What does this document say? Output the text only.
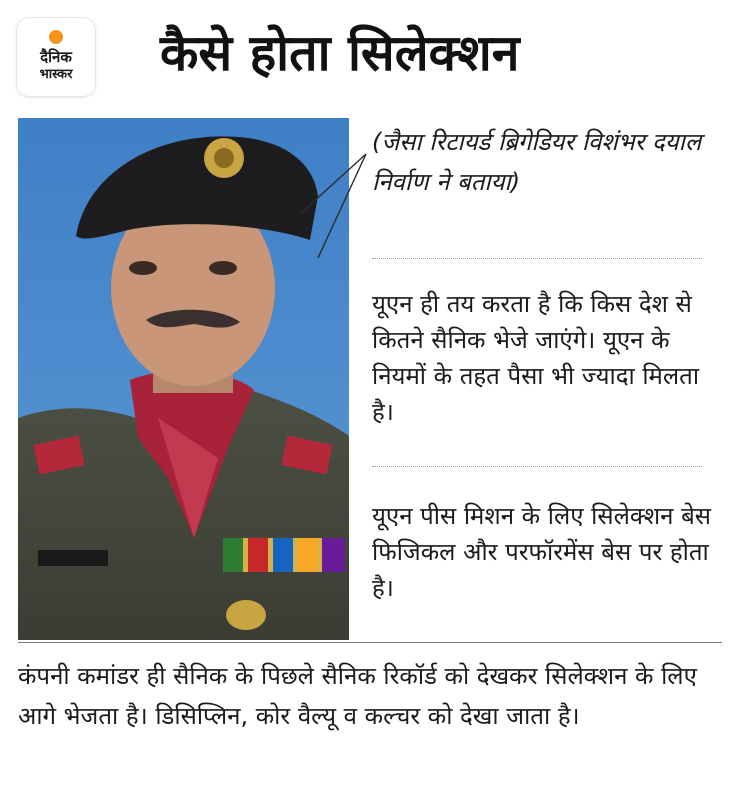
दैनिक
भास्कर	कैसे होता सिलेक्शन
(जैसा रिटायर्ड ब्रिगेडियर विशंभर दयाल निर्वाण ने बताया)
यूएन ही तय करता है कि किस देश से कितने सैनिक भेजे जाएंगे। यूएन के नियमों के तहत पैसा भी ज्यादा मिलता है।
यूएन पीस मिशन के लिए सिलेक्शन बेस फिजिकल और परफॉरमेंस बेस पर होता है।
कंपनी कमांडर ही सैनिक के पिछले सैनिक रिकॉर्ड को देखकर सिलेक्शन के लिए आगे भेजता है। डिसिप्लिन, कोर वैल्यू व कल्चर को देखा जाता है।
